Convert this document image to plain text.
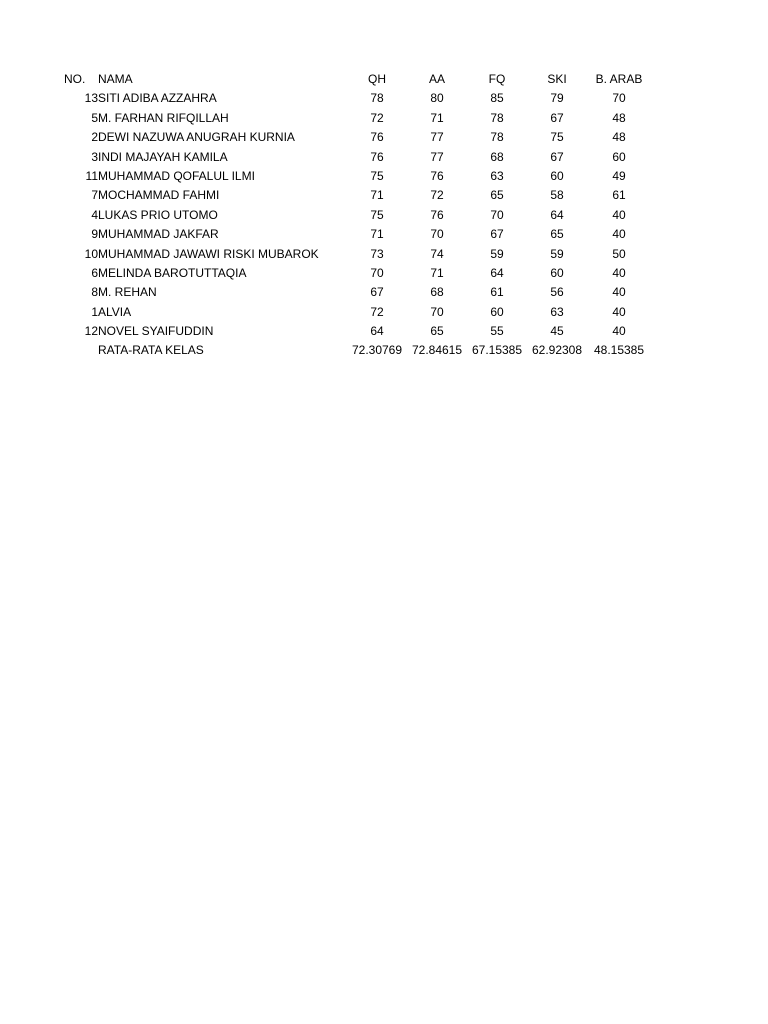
NO.	NAMA	QH	AA	FQ	SKI	B. ARAB
13 SITI ADIBA AZZAHRA	78	80	85	79	70
5 M. FARHAN RIFQILLAH	72	71	78	67	48
2 DEWI NAZUWA ANUGRAH KURNIA	76	77	78	75	48
3 INDI MAJAYAH KAMILA	76	77	68	67	60
11 MUHAMMAD QOFALUL ILMI	75	76	63	60	49
7 MOCHAMMAD FAHMI	71	72	65	58	61
4 LUKAS PRIO UTOMO	75	76	70	64	40
9 MUHAMMAD JAKFAR	71	70	67	65	40
10 MUHAMMAD JAWAWI RISKI MUBAROK	73	74	59	59	50
6 MELINDA BAROTUTTAQIA	70	71	64	60	40
8 M. REHAN	67	68	61	56	40
1 ALVIA	72	70	60	63	40
12 NOVEL SYAIFUDDIN	64	65	55	45	40
RATA-RATA KELAS	72.30769 72.84615 67.15385 62.92308 48.15385
